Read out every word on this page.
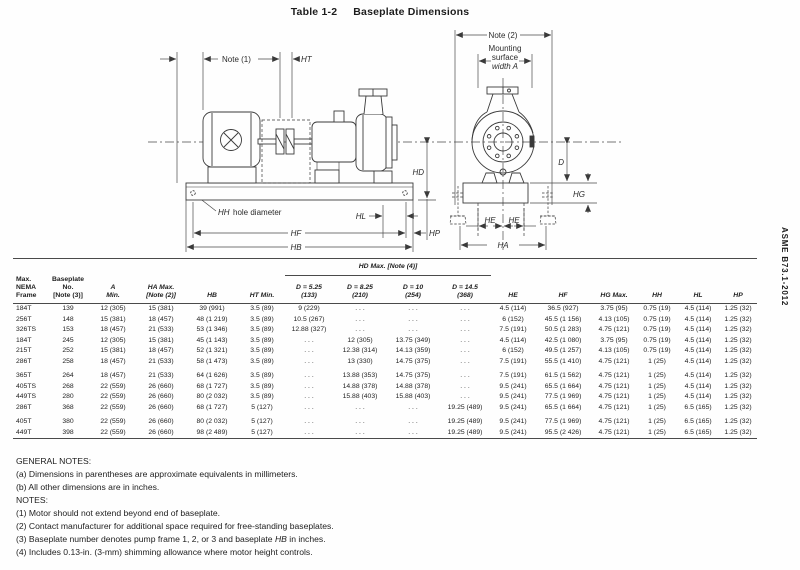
Table 1-2 Baseplate Dimensions
Note (1)	HT
HD
HH hole diameter	HL
HF	HP
HB
Note (2)
Mounting
surface
width A
D
HG
HE HE
HA	ASME B73.1-2012
						HD Max. [Note (4)]									

Max.
NEMA
Frame

Baseplate
No.
[Note (3)]

A
Min.

HA Max.
[Note (2)]	HB	HT Min.

D = 5.25
(133)

D = 8.25
(210)

D = 10
(254)

D = 14.5
(368)	HE	HF	HG Max.	HH	HL	HP

184T	139	12 (305)	15 (381)	39 (991)	3.5 (89)	9 (229)	. . .	. . .	. . .	4.5 (114)	36.5 (927)	3.75 (95)	0.75 (19)	4.5 (114)	1.25 (32)
256T	148	15 (381)	18 (457)	48 (1 219)	3.5 (89)	10.5 (267)	. . .	. . .	. . .	6 (152)	45.5 (1 156)	4.13 (105)	0.75 (19)	4.5 (114)	1.25 (32)
326TS	153	18 (457)	21 (533)	53 (1 346)	3.5 (89)	12.88 (327)	. . .	. . .	. . .	7.5 (191)	50.5 (1 283)	4.75 (121)	0.75 (19)	4.5 (114)	1.25 (32)
184T	245	12 (305)	15 (381)	45 (1 143)	3.5 (89)	. . .	12 (305)	13.75 (349)	. . .	4.5 (114)	42.5 (1 080)	3.75 (95)	0.75 (19)	4.5 (114)	1.25 (32)
215T	252	15 (381)	18 (457)	52 (1 321)	3.5 (89)	. . .	12.38 (314)	14.13 (359)	. . .	6 (152)	49.5 (1 257)	4.13 (105)	0.75 (19)	4.5 (114)	1.25 (32)
286T	258	18 (457)	21 (533)	58 (1 473)	3.5 (89)	. . .	13 (330)	14.75 (375)	. . .	7.5 (191)	55.5 (1 410)	4.75 (121)	1 (25)	4.5 (114)	1.25 (32)

365T	264	18 (457)	21 (533)	64 (1 626)	3.5 (89)	. . .	13.88 (353)	14.75 (375)	. . .	7.5 (191)	61.5 (1 562)	4.75 (121)	1 (25)	4.5 (114)	1.25 (32)
405TS	268	22 (559)	26 (660)	68 (1 727)	3.5 (89)	. . .	14.88 (378)	14.88 (378)	. . .	9.5 (241)	65.5 (1 664)	4.75 (121)	1 (25)	4.5 (114)	1.25 (32)
449TS	280	22 (559)	26 (660)	80 (2 032)	3.5 (89)	. . .	15.88 (403)	15.88 (403)	. . .	9.5 (241)	77.5 (1 969)	4.75 (121)	1 (25)	4.5 (114)	1.25 (32)
286T	368	22 (559)	26 (660)	68 (1 727)	5 (127)	. . .	. . .	. . .	19.25 (489)	9.5 (241)	65.5 (1 664)	4.75 (121)	1 (25)	6.5 (165)	1.25 (32)

405T	380	22 (559)	26 (660)	80 (2 032)	5 (127)	. . .	. . .	. . .	19.25 (489)	9.5 (241)	77.5 (1 969)	4.75 (121)	1 (25)	6.5 (165)	1.25 (32)
449T	398	22 (559)	26 (660)	98 (2 489)	5 (127)	. . .	. . .	. . .	19.25 (489)	9.5 (241)	95.5 (2 426)	4.75 (121)	1 (25)	6.5 (165)	1.25 (32)
GENERAL NOTES:
(a) Dimensions in parentheses are approximate equivalents in millimeters.
(b) All other dimensions are in inches.
NOTES:
(1) Motor should not extend beyond end of baseplate.
(2) Contact manufacturer for additional space required for free-standing baseplates.
(3) Baseplate number denotes pump frame 1, 2, or 3 and baseplate HB in inches.
(4) Includes 0.13-in. (3-mm) shimming allowance where motor height controls.
